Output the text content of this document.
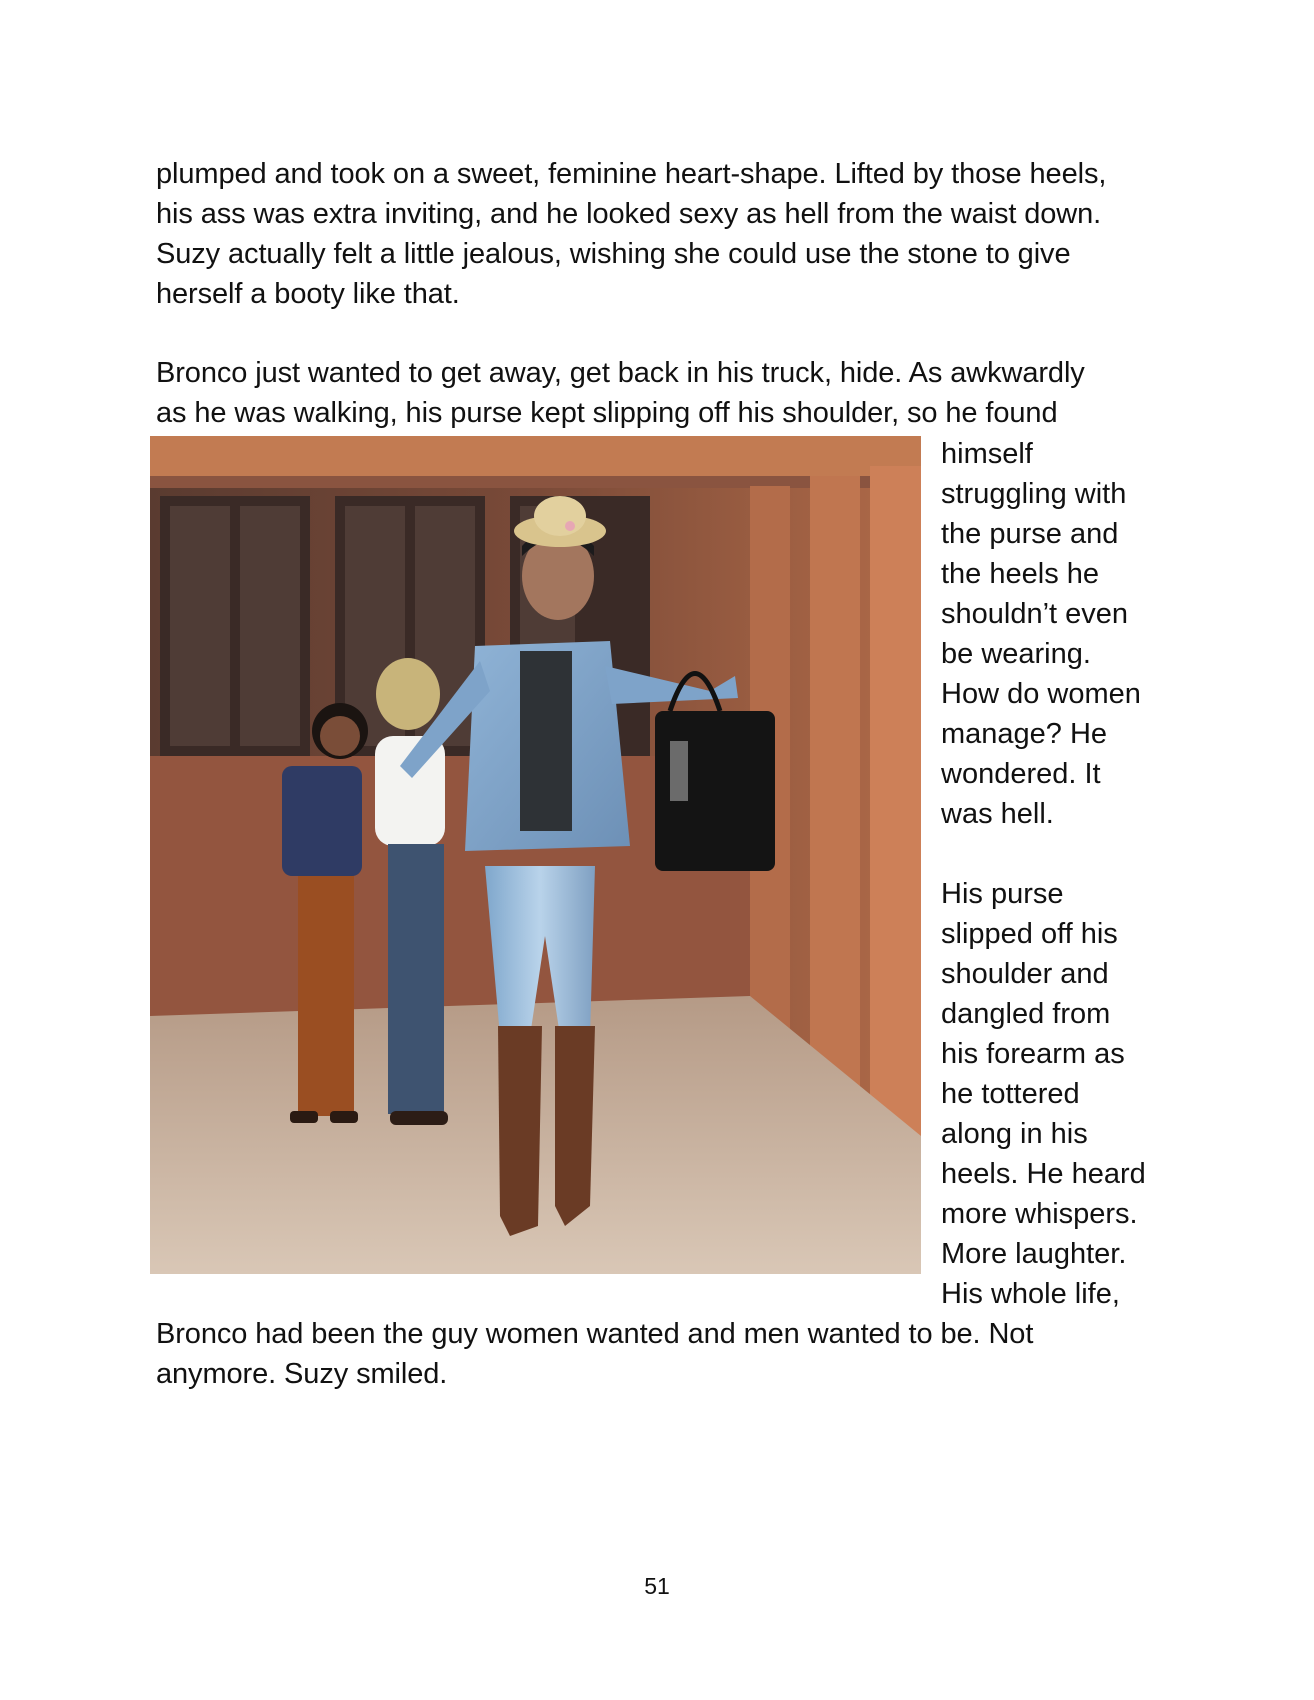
plumped and took on a sweet, feminine heart-shape. Lifted by those heels,
his ass was extra inviting, and he looked sexy as hell from the waist down.
Suzy actually felt a little jealous, wishing she could use the stone to give
herself a booty like that.
Bronco just wanted to get away, get back in his truck, hide. As awkwardly
as he was walking, his purse kept slipping off his shoulder, so he found
himself
struggling with
the purse and
the heels he
shouldn’t even
be wearing.
How do women
manage? He
wondered. It
was hell.
His purse
slipped off his
shoulder and
dangled from
his forearm as
he tottered
along in his
heels. He heard
more whispers.
More laughter.
His whole life,
Bronco had been the guy women wanted and men wanted to be. Not
anymore. Suzy smiled.
51
